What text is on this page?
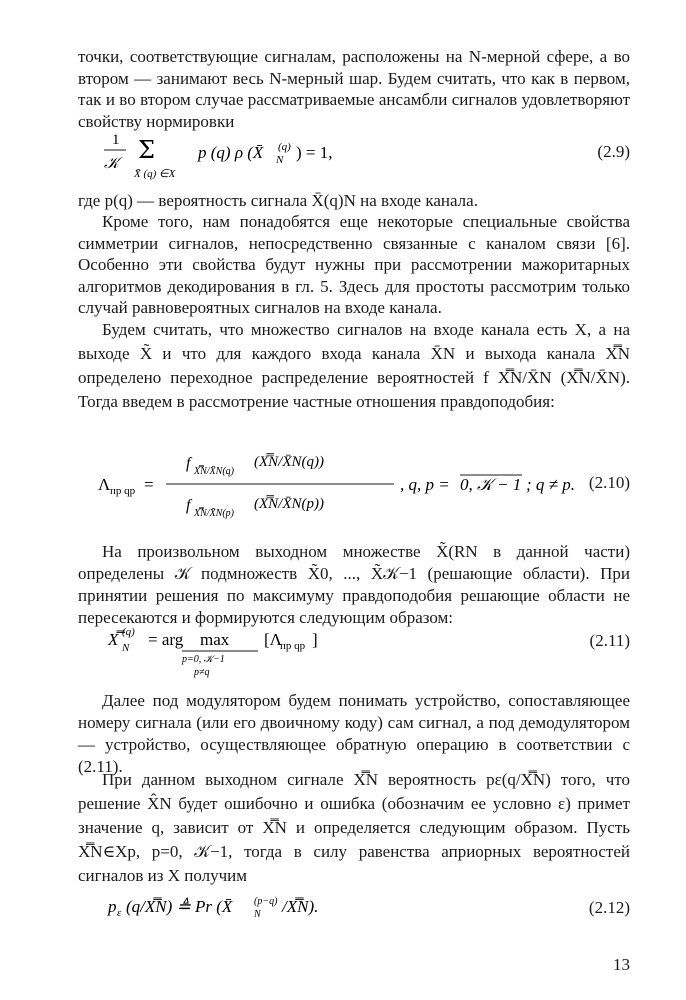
точки, соответствующие сигналам, расположены на N-мерной сфере, а во втором — занимают весь N-мерный шар. Будем считать, что как в первом, так и во втором случае рассматриваемые ансамбли сигналов удовлетворяют свойству нормировки

1
𝒦 Σ
X̄ (q) ∈X
p (q) ρ (X̄ (q)
N ) = 1,	(2.9)

где p(q) — вероятность сигнала X̄(q)N на входе канала.

Кроме того, нам понадобятся еще некоторые специальные свойства симметрии сигналов, непосредственно связанные с каналом связи [6]. Особенно эти свойства будут нужны при рассмотрении мажоритарных алгоритмов декодирования в гл. 5. Здесь для простоты рассмотрим только случай равновероятных сигналов на входе канала.

Будем считать, что множество сигналов на входе канала есть X, а на выходе X̃ и что для каждого входа канала X̄N и выхода канала X̿N определено переходное распределение вероятностей f X̿N/X̄N (X̿N/X̄N). Тогда введем в рассмотрение частные отношения правдоподобия:

Λ пр qp =
f X̿N/X̄N(q)
(X̿N/X̄N(q))
f X̿N/X̄N(p)
(X̿N/X̄N(p))
, q, p = 0, 𝒦 − 1 ; q ≠ p. (2.10)

На произвольном выходном множестве X̃(RN в данной части) определены 𝒦 подмножеств X̃0, ..., X̃𝒦−1 (решающие области). При принятии решения по максимуму правдоподобия решающие области не пересекаются и формируются следующим образом:

X̿ (q)
N = arg max
p=0, 𝒦−1
p≠q
[Λ
пр qp ]	(2.11)

Далее под модулятором будем понимать устройство, сопоставляющее номеру сигнала (или его двоичному коду) сам сигнал, а под демодулятором — устройство, осуществляющее обратную операцию в соответствии с (2.11).

При данном выходном сигнале X̿N вероятность pε(q/X̿N) того, что решение X̂N будет ошибочно и ошибка (обозначим ее условно ε) примет значение q, зависит от X̿N и определяется следующим образом. Пусть X̿N∈Xp, p=0, 𝒦−1, тогда в силу равенства априорных вероятностей сигналов из X получим

p ε (q/X̿N) ≜ Pr (X̄ (p−q)
N /X̿N).	(2.12)
13
